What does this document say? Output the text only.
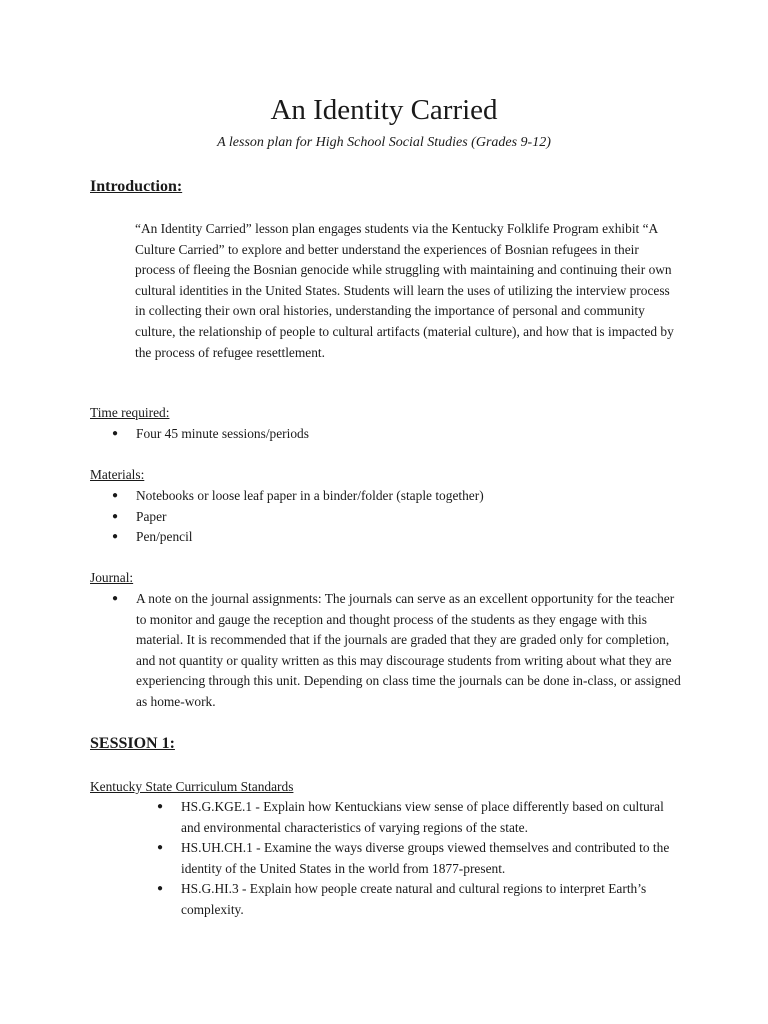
An Identity Carried
A lesson plan for High School Social Studies (Grades 9-12)
Introduction:
“An Identity Carried” lesson plan engages students via the Kentucky Folklife Program exhibit “A Culture Carried” to explore and better understand the experiences of Bosnian refugees in their process of fleeing the Bosnian genocide while struggling with maintaining and continuing their own cultural identities in the United States. Students will learn the uses of utilizing the interview process in collecting their own oral histories, understanding the importance of personal and community culture, the relationship of people to cultural artifacts (material culture), and how that is impacted by the process of refugee resettlement.
Time required:
● Four 45 minute sessions/periods
Materials:
● Notebooks or loose leaf paper in a binder/folder (staple together)
● Paper
● Pen/pencil
Journal:
● A note on the journal assignments: The journals can serve as an excellent opportunity for the teacher to monitor and gauge the reception and thought process of the students as they engage with this material. It is recommended that if the journals are graded that they are graded only for completion, and not quantity or quality written as this may discourage students from writing about what they are experiencing through this unit. Depending on class time the journals can be done in-class, or assigned as home-work.
SESSION 1:
Kentucky State Curriculum Standards
● HS.G.KGE.1 - Explain how Kentuckians view sense of place differently based on cultural and environmental characteristics of varying regions of the state.
● HS.UH.CH.1 - Examine the ways diverse groups viewed themselves and contributed to the identity of the United States in the world from 1877-present.
● HS.G.HI.3 - Explain how people create natural and cultural regions to interpret Earth’s complexity.
